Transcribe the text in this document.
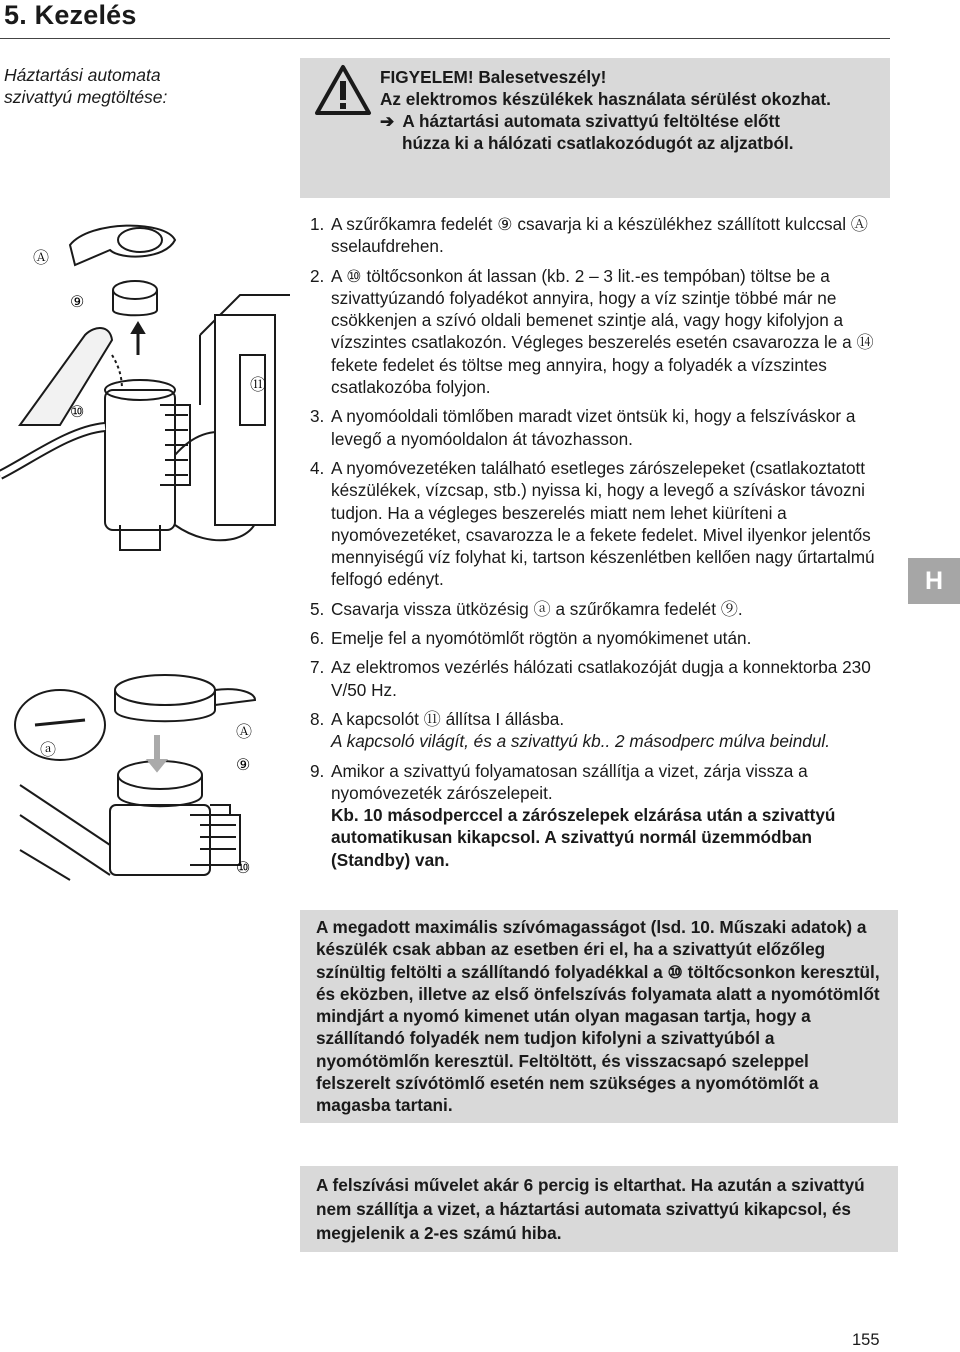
5. Kezelés
Háztartási automata szivattyú megtöltése:
FIGYELEM! Balesetveszély!
Az elektromos készülékek használata sérülést okozhat.
➔ A háztartási automata szivattyú feltöltése előtt
húzza ki a hálózati csatlakozódugót az aljzatból.
Ⓐ
⑨
⑩
⑪
ⓐ
Ⓐ
⑨
⑩
1. A szűrőkamra fedelét ⑨ csavarja ki a készülékhez szállított kulccsal Ⓐ sselaufdrehen.
2. A ⑩ töltőcsonkon át lassan (kb. 2 – 3 lit.-es tempóban) töltse be a szivattyúzandó folyadékot annyira, hogy a víz szintje többé már ne csökkenjen a szívó oldali bemenet szintje alá, vagy hogy kifolyjon a vízszintes csatlakozón. Végleges beszerelés esetén csavarozza le a ⑭ fekete fedelet és töltse meg annyira, hogy a folyadék a vízszintes csatlakozóba folyjon.
3. A nyomóoldali tömlőben maradt vizet öntsük ki, hogy a felszíváskor a levegő a nyomóoldalon át távozhasson.
4. A nyomóvezetéken található esetleges zárószelepeket (csatlakoztatott készülékek, vízcsap, stb.) nyissa ki, hogy a levegő a szíváskor távozni tudjon. Ha a végleges beszerelés miatt nem lehet kiüríteni a nyomóvezetéket, csavarozza le a fekete fedelet. Mivel ilyenkor jelentős mennyiségű víz folyhat ki, tartson készenlétben kellően nagy űrtartalmú felfogó edényt.
5. Csavarja vissza ütközésig ⓐ a szűrőkamra fedelét ⑨.
6. Emelje fel a nyomótömlőt rögtön a nyomókimenet után.
7. Az elektromos vezérlés hálózati csatlakozóját dugja a konnektorba 230 V/50 Hz.
8. A kapcsolót ⑪ állítsa I állásba.
A kapcsoló világít, és a szivattyú kb.. 2 másodperc múlva beindul.
9. Amikor a szivattyú folyamatosan szállítja a vizet, zárja vissza a nyomóvezeték zárószelepeit.
Kb. 10 másodperccel a zárószelepek elzárása után a szivattyú automatikusan kikapcsol. A szivattyú normál üzemmódban (Standby) van.
A megadott maximális szívómagasságot (lsd. 10. Műszaki adatok) a készülék csak abban az esetben éri el, ha a szivattyút előzőleg színültig feltölti a szállítandó folyadékkal a ⑩ töltőcsonkon keresztül, és eközben, illetve az első önfelszívás folyamata alatt a nyomótömlőt mindjárt a nyomó kimenet után olyan magasan tartja, hogy a szállítandó folyadék nem tudjon kifolyni a szivattyúból a nyomótömlőn keresztül. Feltöltött, és visszacsapó szeleppel felszerelt szívótömlő esetén nem szükséges a nyomótömlőt a magasba tartani.
A felszívási művelet akár 6 percig is eltarthat. Ha azután a szivattyú nem szállítja a vizet, a háztartási automata szivattyú kikapcsol, és megjelenik a 2-es számú hiba.
H
155
